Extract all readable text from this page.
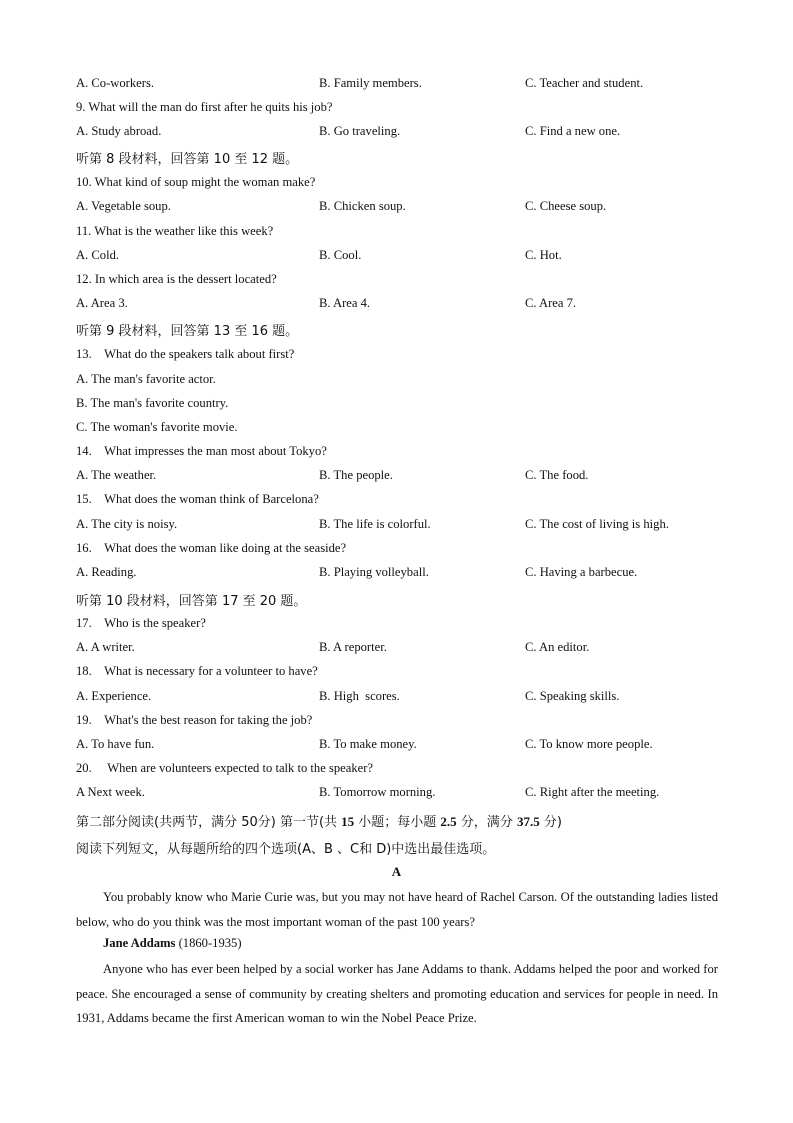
A. Co-workers.	B. Family members.	C. Teacher and student.
9. What will the man do first after he quits his job?
A. Study abroad.	B. Go traveling.	C. Find a new one.
听第 8 段材料，回答第 10 至 12 题。
10. What kind of soup might the woman make?
A. Vegetable soup.	B. Chicken soup.	C. Cheese soup.
11. What is the weather like this week?
A. Cold.	B. Cool.	C. Hot.
12. In which area is the dessert located?
A. Area 3.	B. Area 4.	C. Area 7.
听第 9 段材料，回答第 13 至 16 题。
13.    What do the speakers talk about first?
A. The man's favorite actor.
B. The man's favorite country.
C. The woman's favorite movie.
14.    What impresses the man most about Tokyo?
A. The weather.	B. The people.	C. The food.
15.    What does the woman think of Barcelona?
A. The city is noisy.	B. The life is colorful.	C. The cost of living is high.
16.    What does the woman like doing at the seaside?
A. Reading.	B. Playing volleyball.	C. Having a barbecue.
听第 10 段材料，回答第 17 至 20 题。
17.    Who is the speaker?
A. A writer.	B. A reporter.	C. An editor.
18.    What is necessary for a volunteer to have?
A. Experience.	B. High  scores.	C. Speaking skills.
19.    What's the best reason for taking the job?
A. To have fun.	B. To make money.	C. To know more people.
20.     When are volunteers expected to talk to the speaker?
A Next week.	B. Tomorrow morning.	C. Right after the meeting.
第二部分阅读(共两节，满分 50分) 第一节(共 15 小题；每小题 2.5 分，满分 37.5 分)
阅读下列短文，从每题所给的四个选项(A、B 、C和 D)中选出最佳选项。
A
You probably know who Marie Curie was, but you may not have heard of Rachel Carson. Of the outstanding ladies listed below, who do you think was the most important woman of the past 100 years?
Jane Addams (1860-1935)
Anyone who has ever been helped by a social worker has Jane Addams to thank. Addams helped the poor and worked for peace. She encouraged a sense of community by creating shelters and promoting education and services for people in need. In 1931, Addams became the first American woman to win the Nobel Peace Prize.
